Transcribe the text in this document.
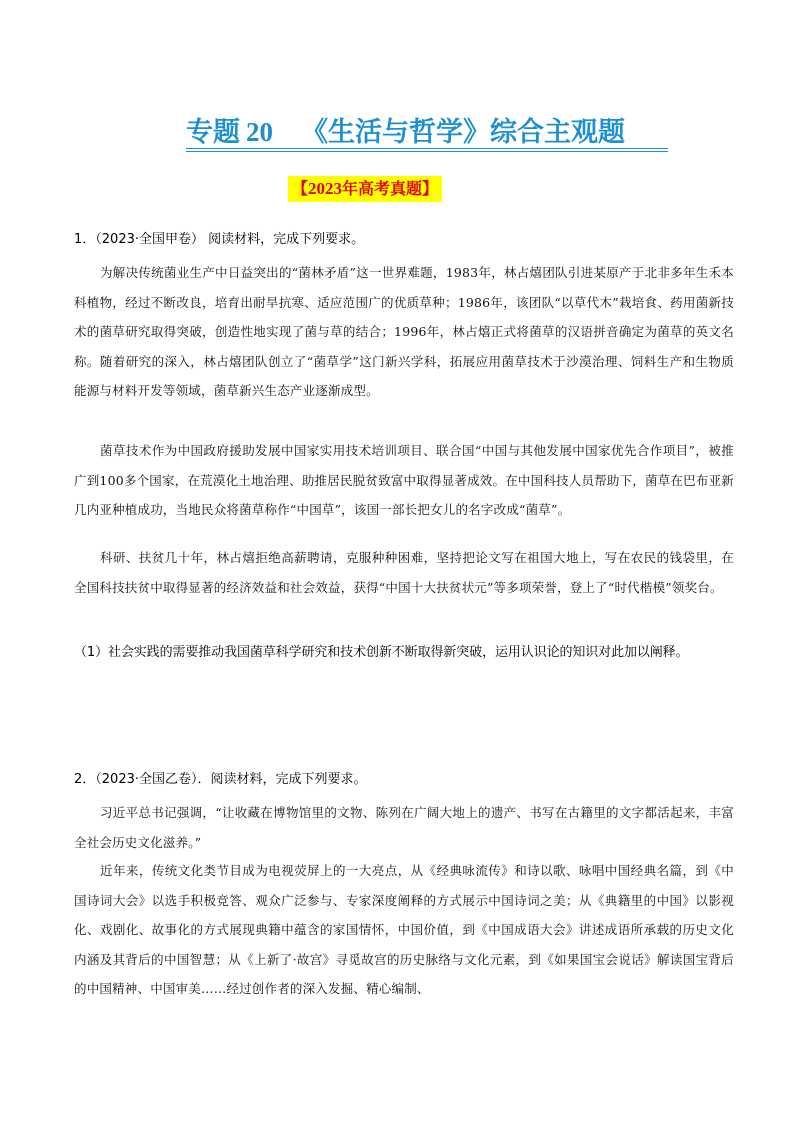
专题 20 《生活与哲学》综合主观题
【2023年高考真题】
1．（2023·全国甲卷） 阅读材料，完成下列要求。
为解决传统菌业生产中日益突出的“菌林矛盾”这一世界难题，1983年，林占熺团队引进某原产于北非多年生禾本科植物，经过不断改良，培育出耐旱抗寒、适应范围广的优质草种；1986年，该团队“以草代木”栽培食、药用菌新技术的菌草研究取得突破，创造性地实现了菌与草的结合；1996年，林占熺正式将菌草的汉语拼音确定为菌草的英文名称。随着研究的深入，林占熺团队创立了“菌草学”这门新兴学科，拓展应用菌草技术于沙漠治理、饲料生产和生物质能源与材料开发等领域，菌草新兴生态产业逐渐成型。
菌草技术作为中国政府援助发展中国家实用技术培训项目、联合国“中国与其他发展中国家优先合作项目”，被推广到100多个国家，在荒漠化土地治理、助推居民脱贫致富中取得显著成效。在中国科技人员帮助下，菌草在巴布亚新几内亚种植成功，当地民众将菌草称作“中国草”，该国一部长把女儿的名字改成“菌草”。
科研、扶贫几十年，林占熺拒绝高薪聘请，克服种种困难，坚持把论文写在祖国大地上，写在农民的钱袋里，在全国科技扶贫中取得显著的经济效益和社会效益，获得“中国十大扶贫状元”等多项荣誉，登上了“时代楷模”领奖台。
（1）社会实践的需要推动我国菌草科学研究和技术创新不断取得新突破，运用认识论的知识对此加以阐释。
2．（2023·全国乙卷）．阅读材料，完成下列要求。
习近平总书记强调，“让收藏在博物馆里的文物、陈列在广阔大地上的遗产、书写在古籍里的文字都活起来，丰富全社会历史文化滋养。”
近年来，传统文化类节目成为电视荧屏上的一大亮点，从《经典咏流传》和诗以歌、咏唱中国经典名篇，到《中国诗词大会》以选手积极竞答、观众广泛参与、专家深度阐释的方式展示中国诗词之美；从《典籍里的中国》以影视化、戏剧化、故事化的方式展现典籍中蕴含的家国情怀，中国价值，到《中国成语大会》讲述成语所承载的历史文化内涵及其背后的中国智慧；从《上新了·故宫》寻觅故宫的历史脉络与文化元素，到《如果国宝会说话》解读国宝背后的中国精神、中国审美……经过创作者的深入发掘、精心编制、
